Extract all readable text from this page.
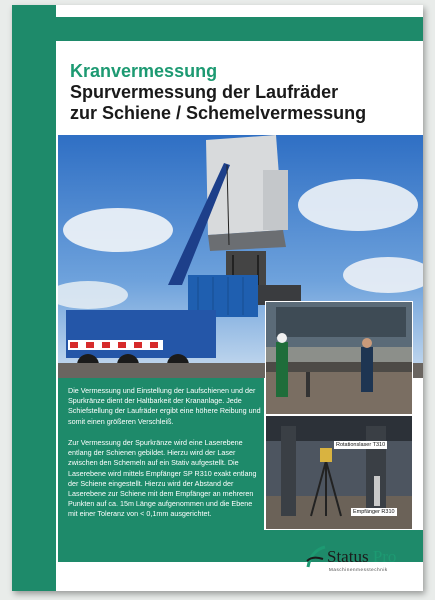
Kranvermessung
Spurvermessung der Laufräder
zur Schiene / Schemelvermessung
Rotationslaser T310
Empfänger R310
Die Vermessung und Einstellung der Laufschienen und der Spurkränze dient der Haltbarkeit der Krananlage. Jede Schiefstellung der Laufräder ergibt eine höhere Reibung und somit einen größeren Verschleiß.
Zur Vermessung der Spurkränze wird eine Laserebene entlang der Schienen gebildet. Hierzu wird der Laser zwischen den Schemeln auf ein Stativ aufgestellt. Die Laserebene wird mittels Empfänger SP R310 exakt entlang der Schiene eingestellt. Hierzu wird der Abstand der Laserebene zur Schiene mit dem Empfänger an mehreren Punkten auf ca. 15m Länge aufgenommen und die Ebene mit einer Toleranz von < 0,1mm ausgerichtet.
Status Pro
Maschinenmesstechnik
